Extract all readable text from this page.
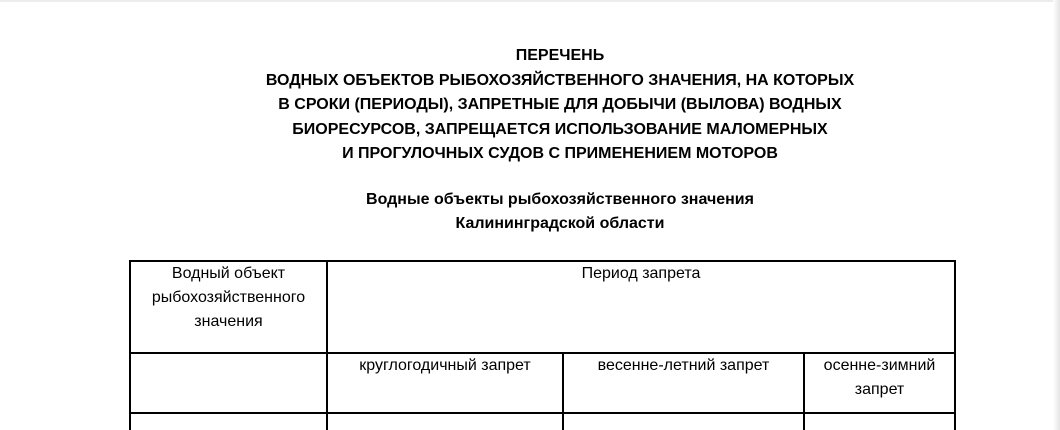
ПЕРЕЧЕНЬ
ВОДНЫХ ОБЪЕКТОВ РЫБОХОЗЯЙСТВЕННОГО ЗНАЧЕНИЯ, НА КОТОРЫХ
В СРОКИ (ПЕРИОДЫ), ЗАПРЕТНЫЕ ДЛЯ ДОБЫЧИ (ВЫЛОВА) ВОДНЫХ
БИОРЕСУРСОВ, ЗАПРЕЩАЕТСЯ ИСПОЛЬЗОВАНИЕ МАЛОМЕРНЫХ
И ПРОГУЛОЧНЫХ СУДОВ С ПРИМЕНЕНИЕМ МОТОРОВ
Водные объекты рыбохозяйственного значения
Калининградской области
Водный объект рыбохозяйственного значения	Период запрета		
	круглогодичный запрет	весенне-летний запрет	осенне-зимний запрет
